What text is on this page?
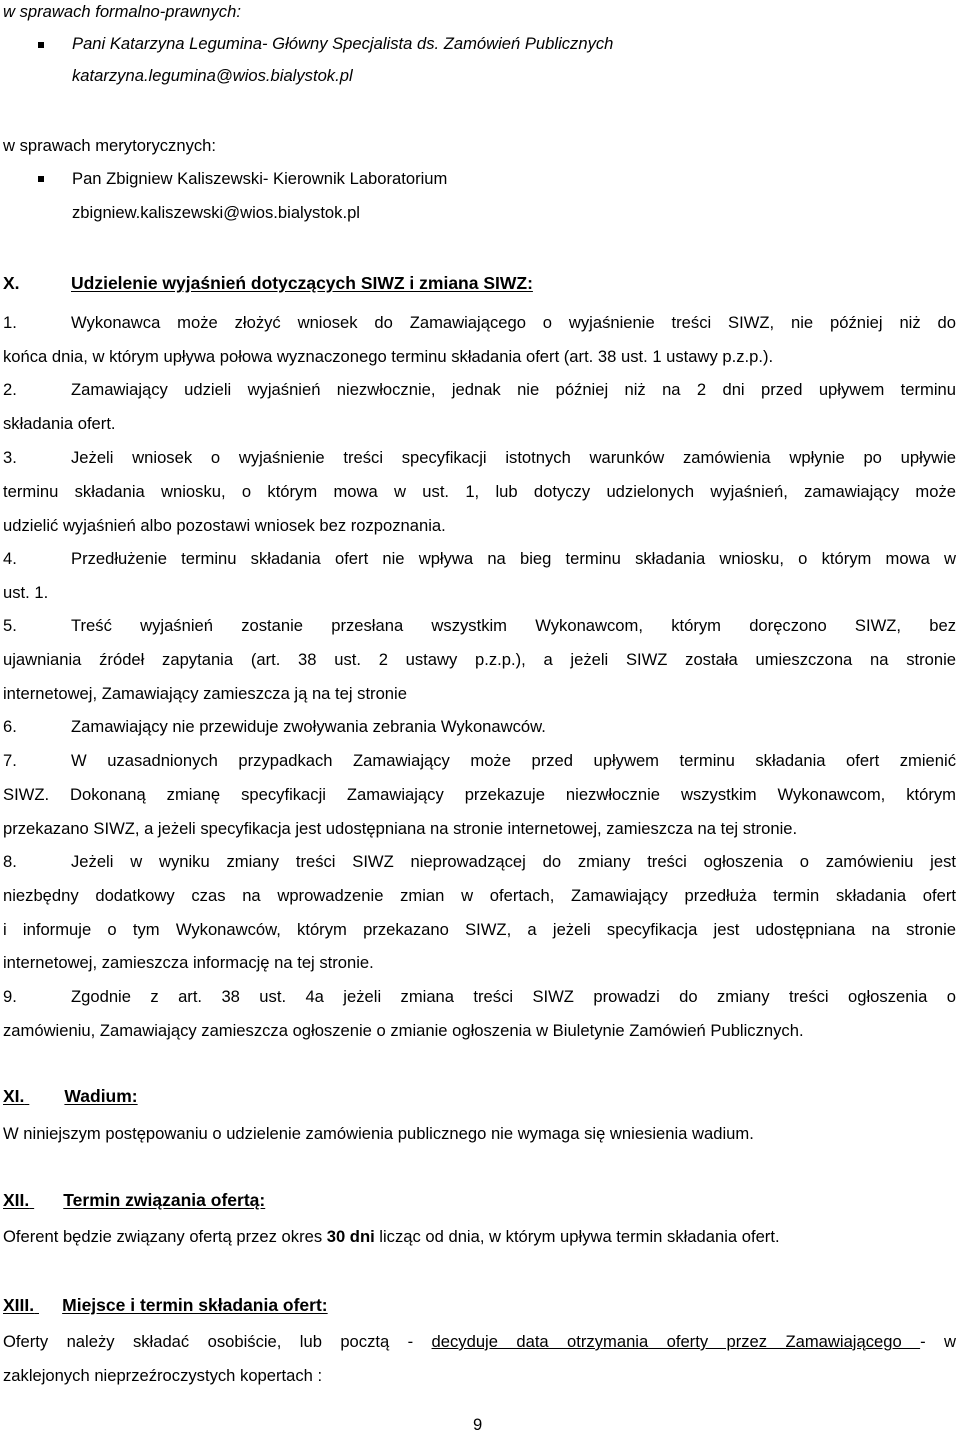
w sprawach formalno-prawnych:
Pani Katarzyna Legumina- Główny Specjalista ds. Zamówień Publicznych
katarzyna.legumina@wios.bialystok.pl
w sprawach merytorycznych:
Pan Zbigniew Kaliszewski- Kierownik Laboratorium
zbigniew.kaliszewski@wios.bialystok.pl
X.	Udzielenie wyjaśnień dotyczących SIWZ i zmiana SIWZ:
1.	Wykonawca może złożyć wniosek do Zamawiającego o wyjaśnienie treści SIWZ, nie później niż do
końca dnia, w którym upływa połowa wyznaczonego terminu składania ofert (art. 38 ust. 1 ustawy p.z.p.).
2.	Zamawiający udzieli wyjaśnień niezwłocznie, jednak nie później niż na 2 dni przed upływem terminu
składania ofert.
3.	Jeżeli wniosek o wyjaśnienie treści specyfikacji istotnych warunków zamówienia wpłynie po upływie
terminu składania wniosku, o którym mowa w ust. 1, lub dotyczy udzielonych wyjaśnień, zamawiający może
udzielić wyjaśnień albo pozostawi wniosek bez rozpoznania.
4.	Przedłużenie terminu składania ofert nie wpływa na bieg terminu składania wniosku, o którym mowa w
ust. 1.
5.	Treść wyjaśnień zostanie przesłana wszystkim Wykonawcom, którym doręczono SIWZ, bez
ujawniania źródeł zapytania (art. 38 ust. 2 ustawy p.z.p.), a jeżeli SIWZ została umieszczona na stronie
internetowej, Zamawiający zamieszcza ją na tej stronie
6.	Zamawiający nie przewiduje zwoływania zebrania Wykonawców.
7.	W uzasadnionych przypadkach Zamawiający może przed upływem terminu składania ofert zmienić
SIWZ. Dokonaną zmianę specyfikacji Zamawiający przekazuje niezwłocznie wszystkim Wykonawcom, którym
przekazano SIWZ, a jeżeli specyfikacja jest udostępniana na stronie internetowej, zamieszcza na tej stronie.
8.	Jeżeli w wyniku zmiany treści SIWZ nieprowadzącej do zmiany treści ogłoszenia o zamówieniu jest
niezbędny dodatkowy czas na wprowadzenie zmian w ofertach, Zamawiający przedłuża termin składania ofert
i informuje o tym Wykonawców, którym przekazano SIWZ, a jeżeli specyfikacja jest udostępniana na stronie
internetowej, zamieszcza informację na tej stronie.
9.	Zgodnie z art. 38 ust. 4a jeżeli zmiana treści SIWZ prowadzi do zmiany treści ogłoszenia o
zamówieniu, Zamawiający zamieszcza ogłoszenie o zmianie ogłoszenia w Biuletynie Zamówień Publicznych.
XI. Wadium:
W niniejszym postępowaniu o udzielenie zamówienia publicznego nie wymaga się wniesienia wadium.
XII. Termin związania ofertą:
Oferent będzie związany ofertą przez okres 30 dni licząc od dnia, w którym upływa termin składania ofert.
XIII. Miejsce i termin składania ofert:
Oferty należy składać osobiście, lub pocztą - decyduje data otrzymania oferty przez Zamawiającego - w
zaklejonych nieprzeźroczystych kopertach :
9
